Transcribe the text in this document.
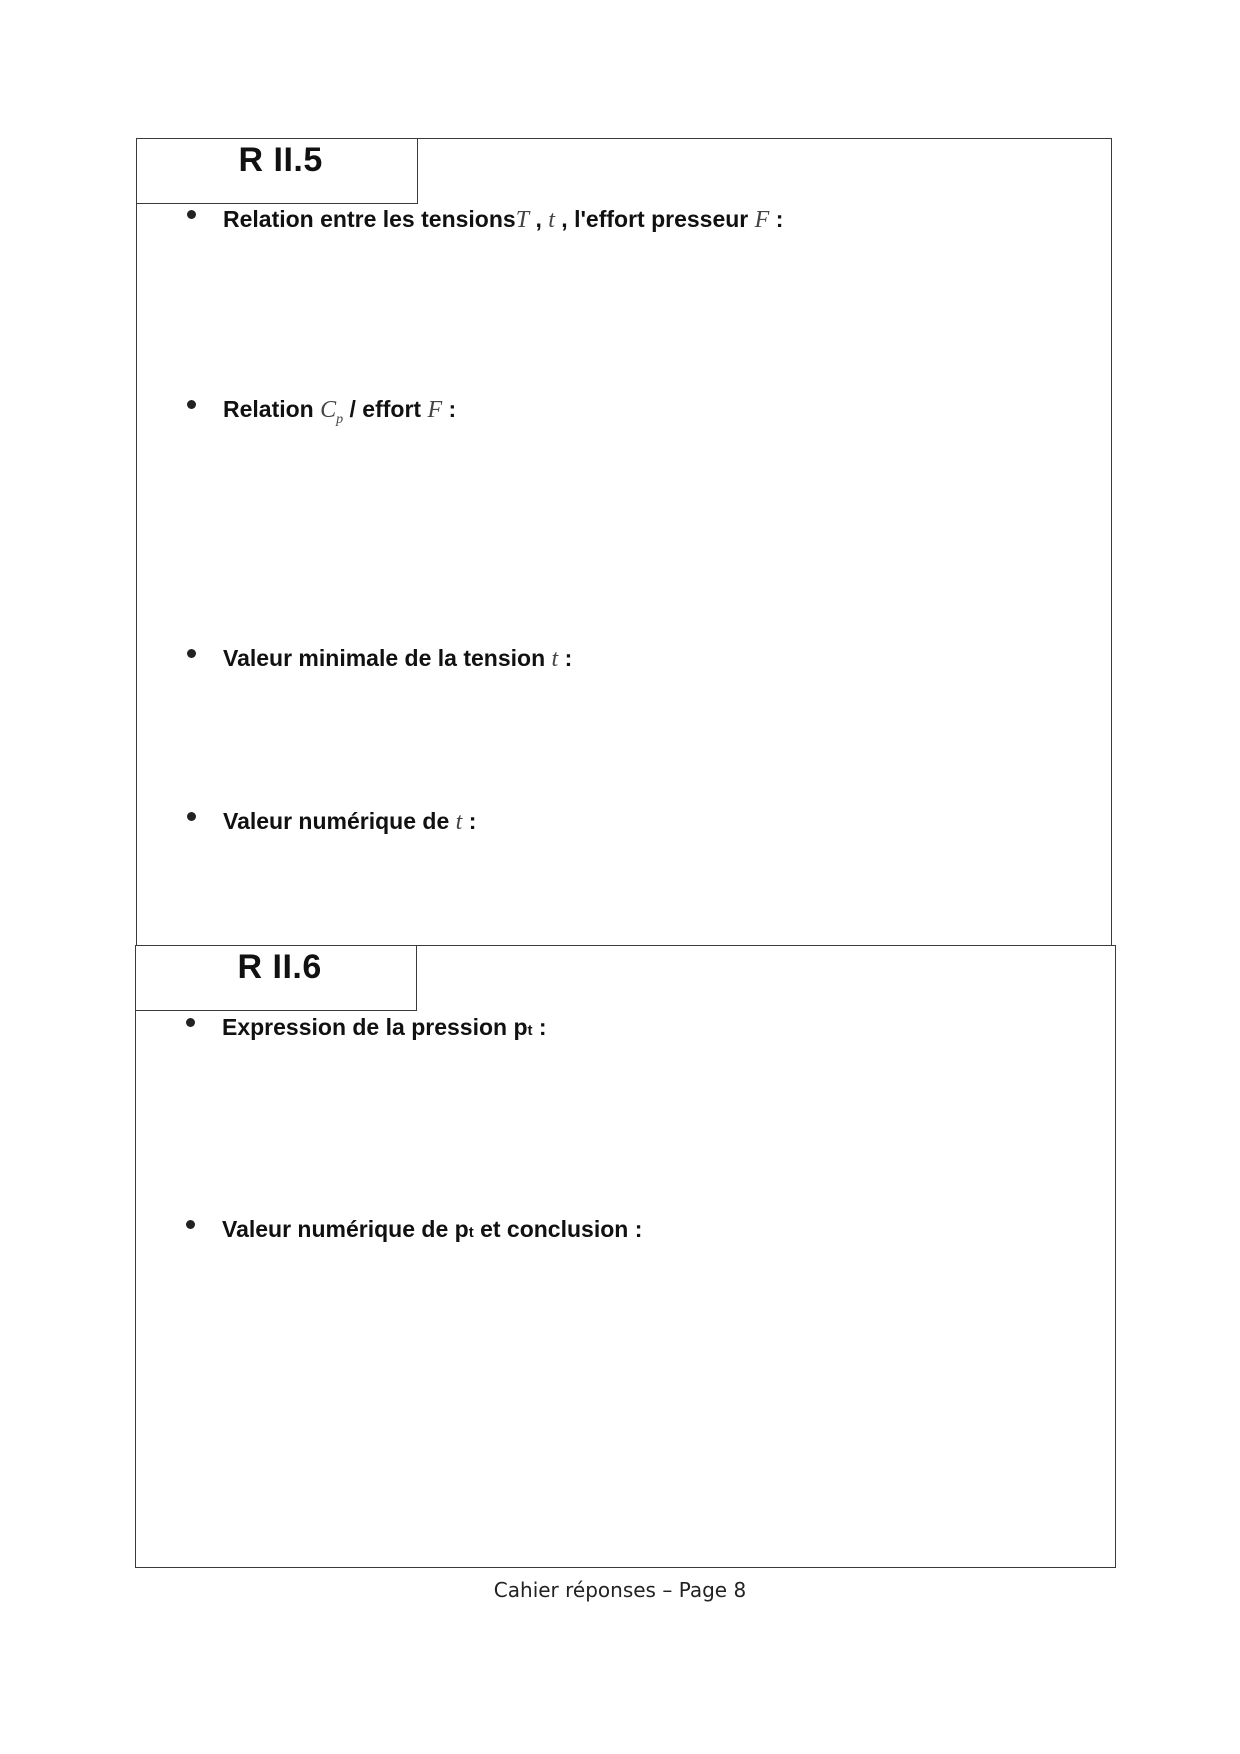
R II.5
Relation entre les tensions T , t , l'effort presseur F :
Relation $C_p$ / effort F :
Valeur minimale de la tension t :
Valeur numérique de t :
R II.6
Expression de la pression p t :
Valeur numérique de p t et conclusion :
Cahier réponses – Page 8
